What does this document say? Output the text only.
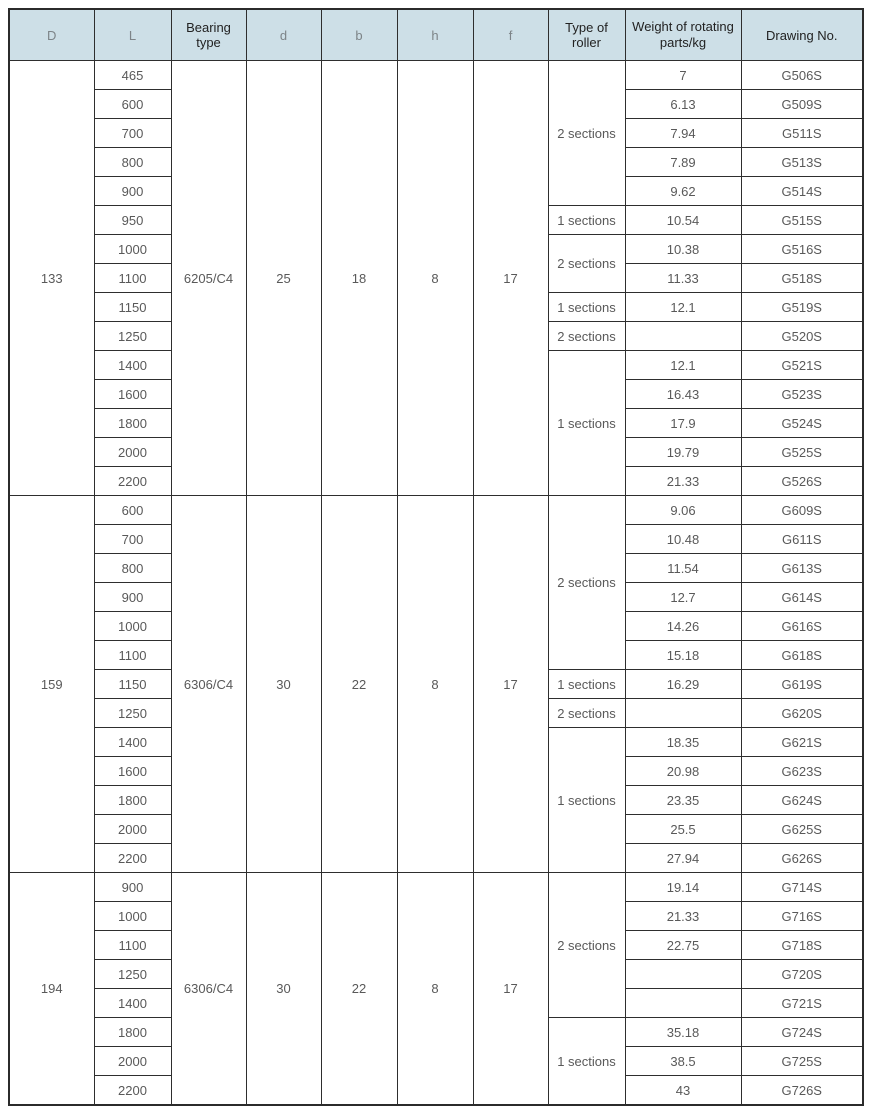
D	L	Bearing type	d	b	h	f	Type of roller	Weight of rotating parts/kg	Drawing No.
133	465	6205/C4	25	18	8	17	2 sections	7	G506S
	600							6.13	G509S
	700							7.94	G511S
	800							7.89	G513S
	900							9.62	G514S
	950						1 sections	10.54	G515S
	1000						2 sections	10.38	G516S
	1100							11.33	G518S
	1150						1 sections	12.1	G519S
	1250						2 sections		G520S
	1400						1 sections	12.1	G521S
	1600							16.43	G523S
	1800							17.9	G524S
	2000							19.79	G525S
	2200							21.33	G526S
159	600	6306/C4	30	22	8	17	2 sections	9.06	G609S
	700							10.48	G611S
	800							11.54	G613S
	900							12.7	G614S
	1000							14.26	G616S
	1100							15.18	G618S
	1150						1 sections	16.29	G619S
	1250						2 sections		G620S
	1400						1 sections	18.35	G621S
	1600							20.98	G623S
	1800							23.35	G624S
	2000							25.5	G625S
	2200							27.94	G626S
194	900	6306/C4	30	22	8	17	2 sections	19.14	G714S
	1000							21.33	G716S
	1100							22.75	G718S
	1250								G720S
	1400								G721S
	1800						1 sections	35.18	G724S
	2000							38.5	G725S
	2200							43	G726S
